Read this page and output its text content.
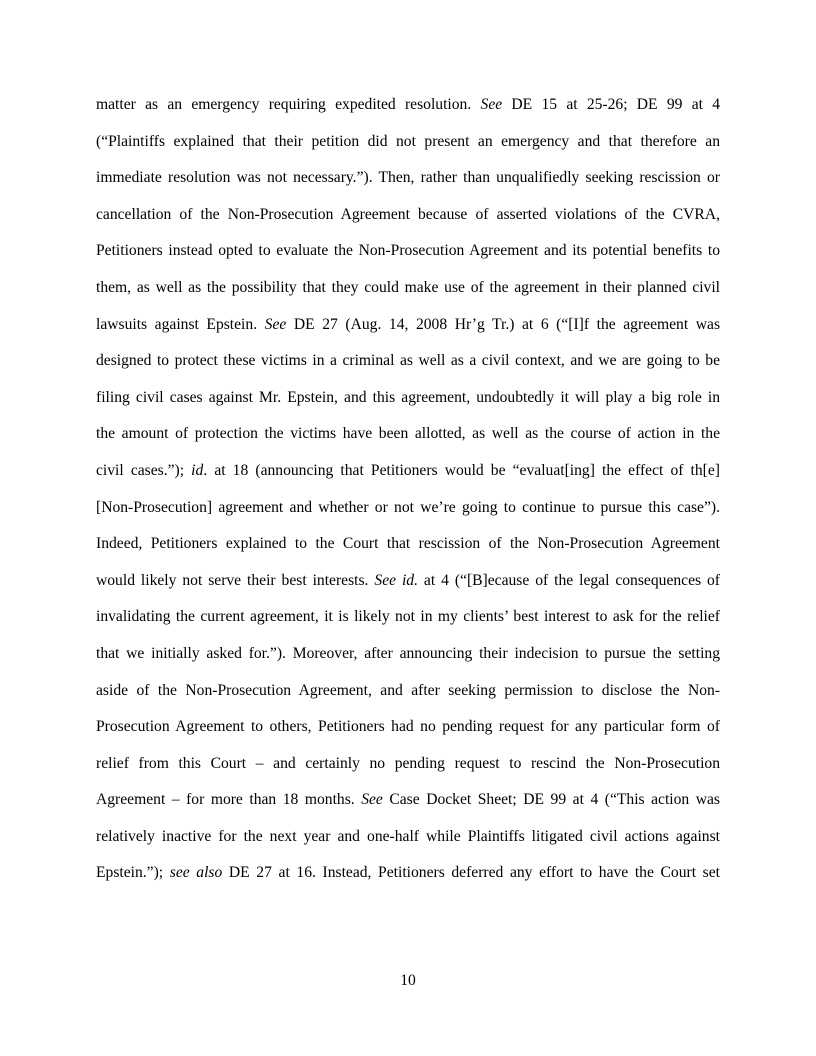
matter as an emergency requiring expedited resolution. See DE 15 at 25-26; DE 99 at 4
(“Plaintiffs explained that their petition did not present an emergency and that therefore an
immediate resolution was not necessary.”). Then, rather than unqualifiedly seeking rescission or
cancellation of the Non-Prosecution Agreement because of asserted violations of the CVRA,
Petitioners instead opted to evaluate the Non-Prosecution Agreement and its potential benefits to
them, as well as the possibility that they could make use of the agreement in their planned civil
lawsuits against Epstein. See DE 27 (Aug. 14, 2008 Hr’g Tr.) at 6 (“[I]f the agreement was
designed to protect these victims in a criminal as well as a civil context, and we are going to be
filing civil cases against Mr. Epstein, and this agreement, undoubtedly it will play a big role in
the amount of protection the victims have been allotted, as well as the course of action in the
civil cases.”); id. at 18 (announcing that Petitioners would be “evaluat[ing] the effect of th[e]
[Non-Prosecution] agreement and whether or not we’re going to continue to pursue this case”).
Indeed, Petitioners explained to the Court that rescission of the Non-Prosecution Agreement
would likely not serve their best interests. See id. at 4 (“[B]ecause of the legal consequences of
invalidating the current agreement, it is likely not in my clients’ best interest to ask for the relief
that we initially asked for.”). Moreover, after announcing their indecision to pursue the setting
aside of the Non-Prosecution Agreement, and after seeking permission to disclose the Non-
Prosecution Agreement to others, Petitioners had no pending request for any particular form of
relief from this Court – and certainly no pending request to rescind the Non-Prosecution
Agreement – for more than 18 months. See Case Docket Sheet; DE 99 at 4 (“This action was
relatively inactive for the next year and one-half while Plaintiffs litigated civil actions against
Epstein.”); see also DE 27 at 16. Instead, Petitioners deferred any effort to have the Court set
10
